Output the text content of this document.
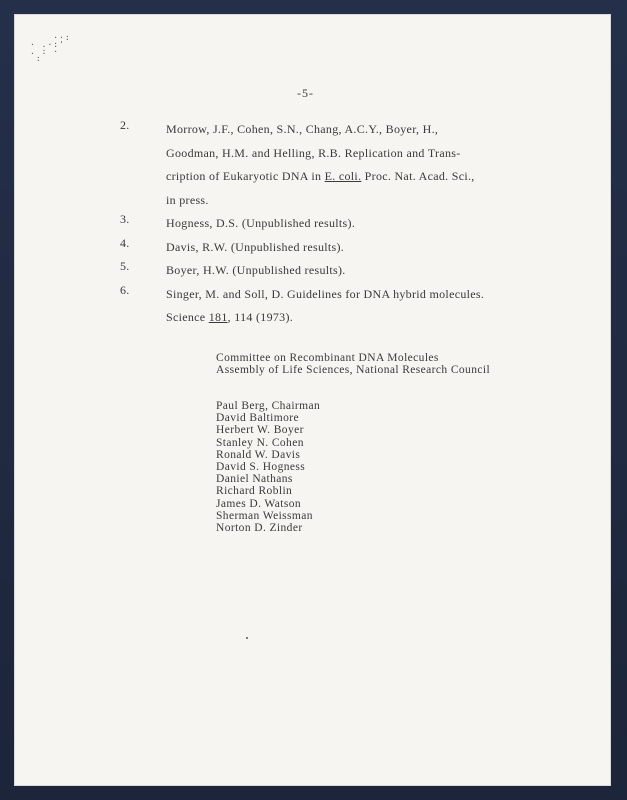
··:
· .·:'
. : ·
:
-5-
2.	Morrow, J.F., Cohen, S.N., Chang, A.C.Y., Boyer, H.,
Goodman, H.M. and Helling, R.B. Replication and Trans-
cription of Eukaryotic DNA in E. coli. Proc. Nat. Acad. Sci.,
in press.
3.	Hogness, D.S. (Unpublished results).
4.	Davis, R.W. (Unpublished results).
5.	Boyer, H.W. (Unpublished results).
6.	Singer, M. and Soll, D. Guidelines for DNA hybrid molecules.
Science 181, 114 (1973).
Committee on Recombinant DNA Molecules
Assembly of Life Sciences, National Research Council
Paul Berg, Chairman
David Baltimore
Herbert W. Boyer
Stanley N. Cohen
Ronald W. Davis
David S. Hogness
Daniel Nathans
Richard Roblin
James D. Watson
Sherman Weissman
Norton D. Zinder
